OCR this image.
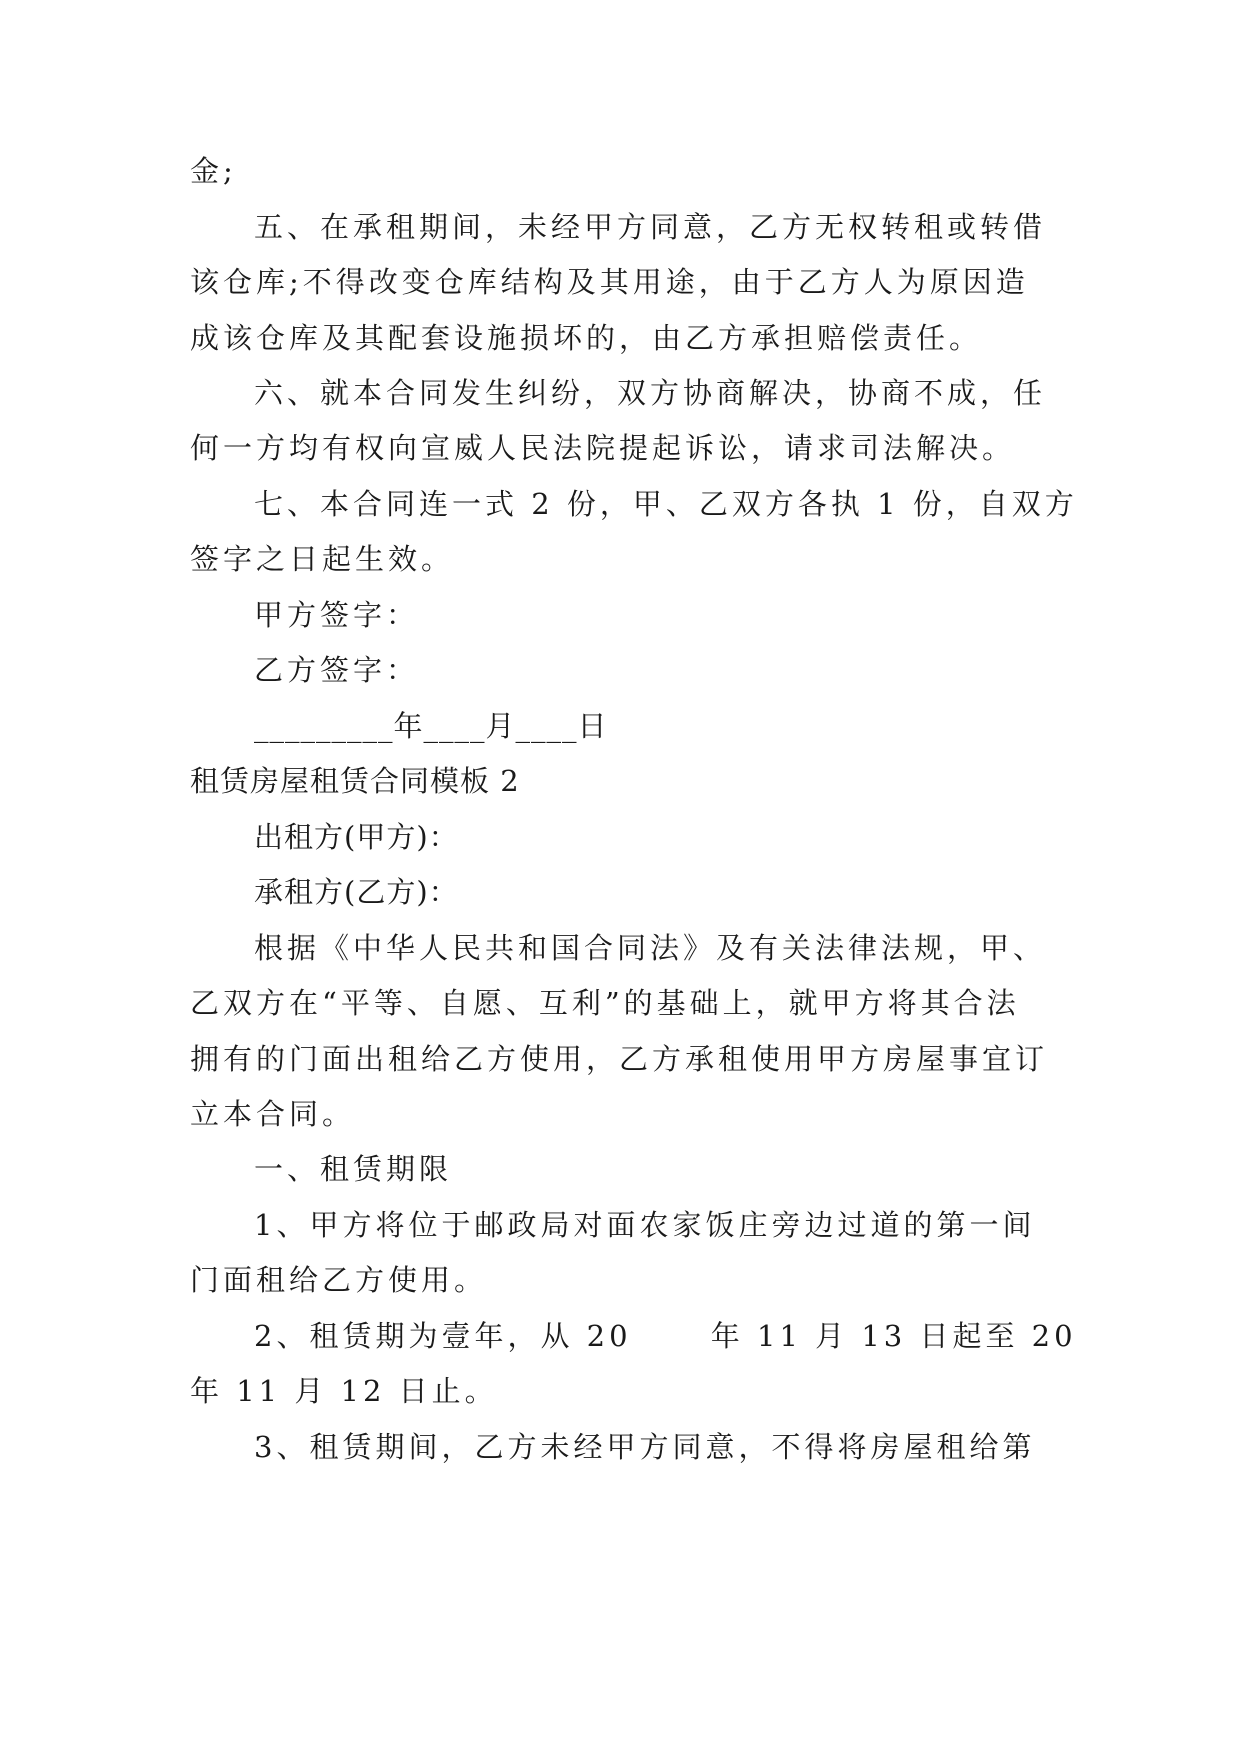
金;
五、在承租期间，未经甲方同意，乙方无权转租或转借
该仓库;不得改变仓库结构及其用途，由于乙方人为原因造
成该仓库及其配套设施损坏的，由乙方承担赔偿责任。
六、就本合同发生纠纷，双方协商解决，协商不成，任
何一方均有权向宣威人民法院提起诉讼，请求司法解决。
七、本合同连一式 2 份，甲、乙双方各执 1 份，自双方
签字之日起生效。
甲方签字：
乙方签字：
_________年____月____日
租赁房屋租赁合同模板 2
出租方(甲方)：
承租方(乙方)：
根据《中华人民共和国合同法》及有关法律法规，甲、
乙双方在“平等、自愿、互利”的基础上，就甲方将其合法
拥有的门面出租给乙方使用，乙方承租使用甲方房屋事宜订
立本合同。
一、租赁期限
1、甲方将位于邮政局对面农家饭庄旁边过道的第一间
门面租给乙方使用。
2、租赁期为壹年，从 20　　 年 11 月 13 日起至 20
年 11 月 12 日止。
3、租赁期间，乙方未经甲方同意，不得将房屋租给第
